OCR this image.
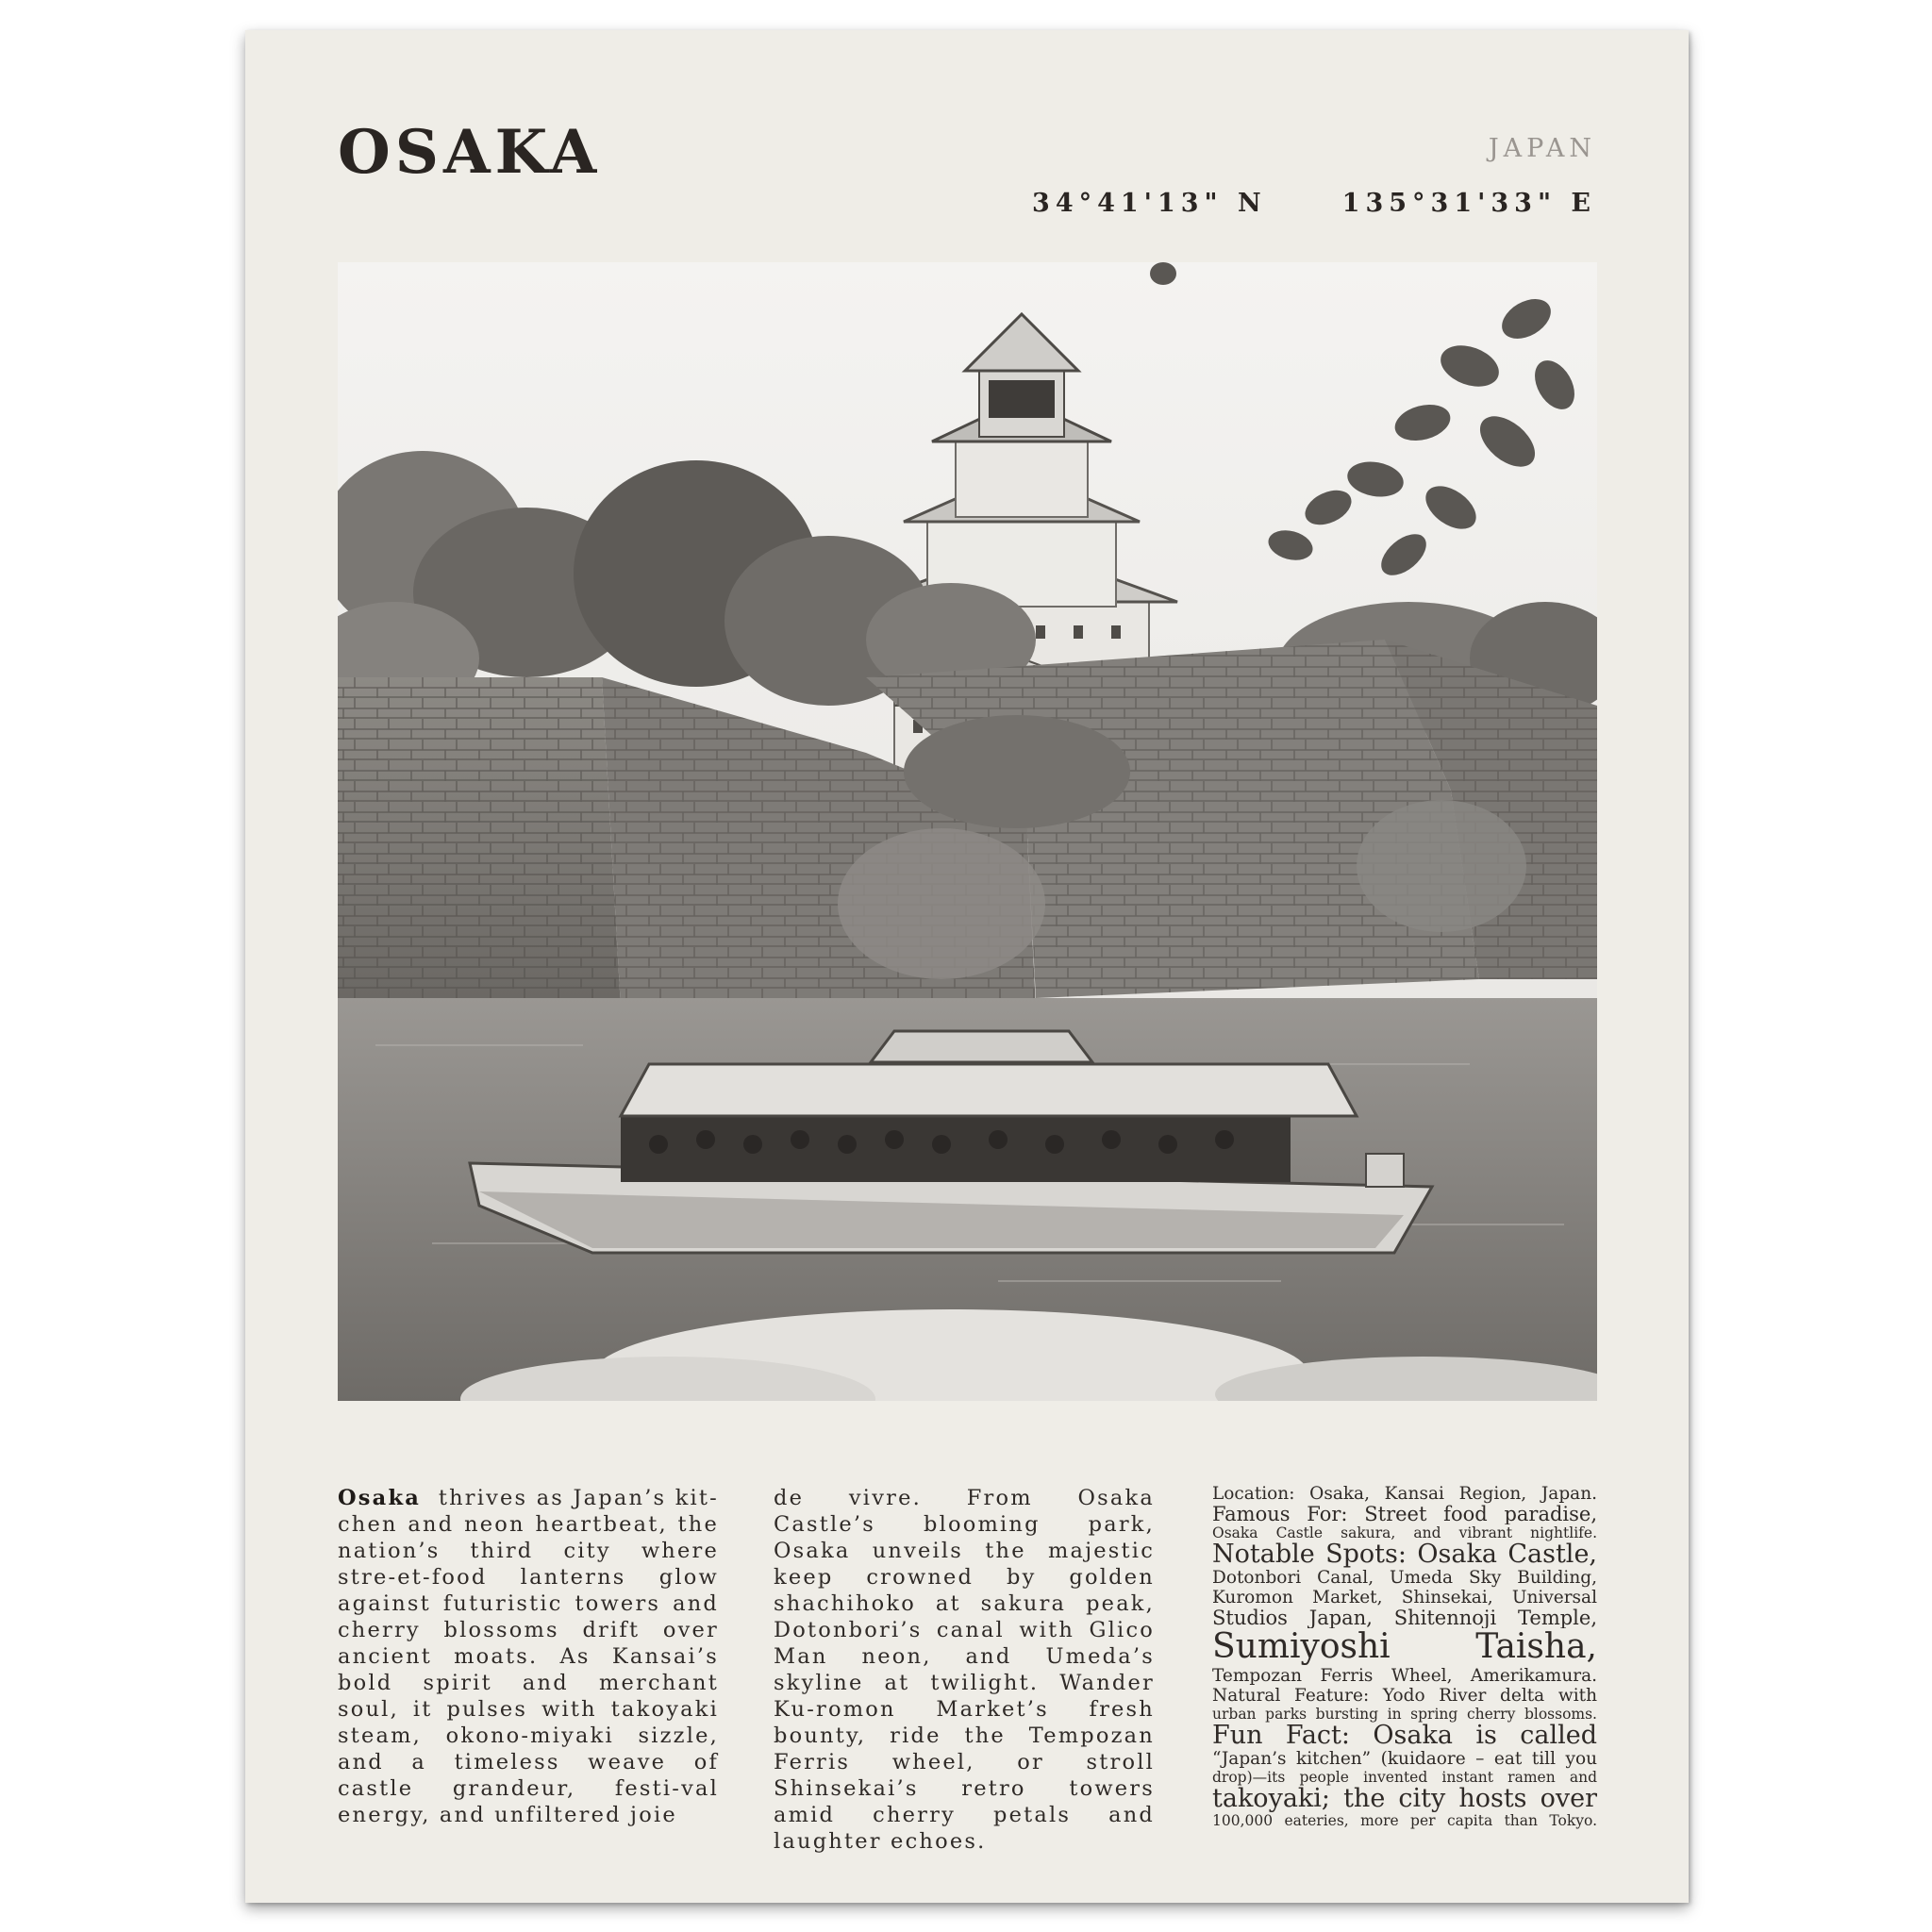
OSAKA	JAPAN
34°41'13" N	135°31'33" E
Osaka thrives as Japan’s kit-chen and neon heartbeat, the nation’s third city where stre-et-food lanterns glow against futuristic towers and cherry blossoms drift over ancient moats. As Kansai’s bold spirit and merchant soul, it pulses with takoyaki steam, okono-miyaki sizzle, and a timeless weave of castle grandeur, festi-val energy, and unfiltered joie
de vivre. From Osaka Castle’s blooming park, Osaka unveils the majestic keep crowned by golden shachihoko at sakura peak, Dotonbori’s canal with Glico Man neon, and Umeda’s skyline at twilight. Wander Ku-romon Market’s fresh bounty, ride the Tempozan Ferris wheel, or stroll Shinsekai’s retro towers amid cherry petals and laughter echoes.
Location: Osaka, Kansai Region, Japan.
Famous For: Street food paradise,
Osaka Castle sakura, and vibrant nightlife.
Notable Spots: Osaka Castle,
Dotonbori Canal, Umeda Sky Building,
Kuromon Market, Shinsekai, Universal
Studios Japan, Shitennoji Temple,
Sumiyoshi Taisha,
Tempozan Ferris Wheel, Amerikamura.
Natural Feature: Yodo River delta with
urban parks bursting in spring cherry blossoms.
Fun Fact: Osaka is called
“Japan’s kitchen” (kuidaore – eat till you
drop)—its people invented instant ramen and
takoyaki; the city hosts over
100,000 eateries, more per capita than Tokyo.
